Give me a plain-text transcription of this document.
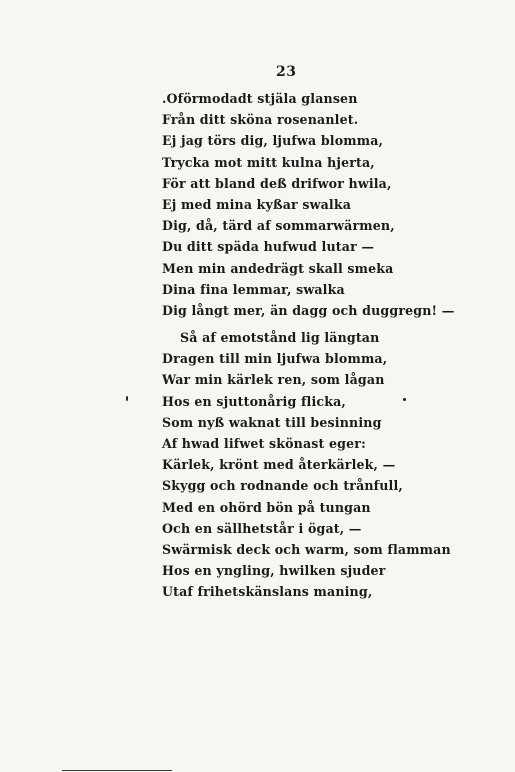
23
.Oförmodadt stjäla glansen
Från ditt sköna rosenanlet.
Ej jag törs dig, ljufwa blomma,
Trycka mot mitt kulna hjerta,
För att bland deß drifwor hwila,
Ej med mina kyßar swalka
Dig, då, tärd af sommarwärmen,
Du ditt späda hufwud lutar —
Men min andedrägt skall smeka
Dina fina lemmar, swalka
Dig långt mer, än dagg och duggregn! —
Så af emotstånd lig längtan
Dragen till min ljufwa blomma,
War min kärlek ren, som lågan
Hos en sjuttonårig flicka,
Som nyß waknat till besinning
Af hwad lifwet skönast eger:
Kärlek, krönt med återkärlek, —
Skygg och rodnande och trånfull,
Med en ohörd bön på tungan
Och en sällhetstår i ögat, —
Swärmisk deck och warm, som flamman
Hos en yngling, hwilken sjuder
Utaf frihetskänslans maning,
